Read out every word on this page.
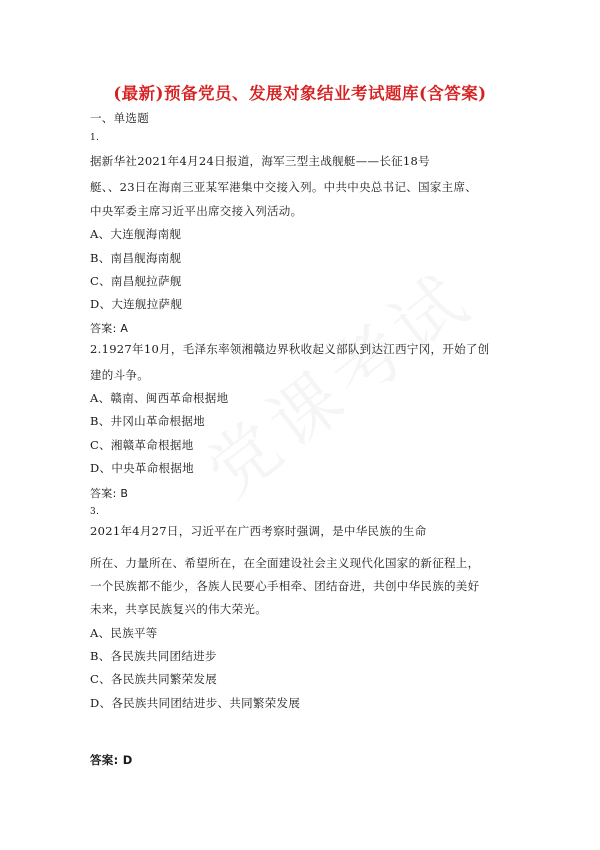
(最新)预备党员、发展对象结业考试题库(含答案)
一、单选题
1.
据新华社2021年4月24日报道，海军三型主战舰艇——长征18号
艇、、23日在海南三亚某军港集中交接入列。中共中央总书记、国家主席、
中央军委主席习近平出席交接入列活动。
A、大连舰海南舰
B、南昌舰海南舰
C、南昌舰拉萨舰
D、大连舰拉萨舰
答案: A
2.1927年10月，毛泽东率领湘赣边界秋收起义部队到达江西宁冈，开始了创
建的斗争。
A、赣南、闽西革命根据地
B、井冈山革命根据地
C、湘赣革命根据地
D、中央革命根据地
答案: B
3.
2021年4月27日，习近平在广西考察时强调，是中华民族的生命
所在、力量所在、希望所在，在全面建设社会主义现代化国家的新征程上，
一个民族都不能少，各族人民要心手相牵、团结奋进，共创中华民族的美好
未来，共享民族复兴的伟大荣光。
A、民族平等
B、各民族共同团结进步
C、各民族共同繁荣发展
D、各民族共同团结进步、共同繁荣发展
答案: D
